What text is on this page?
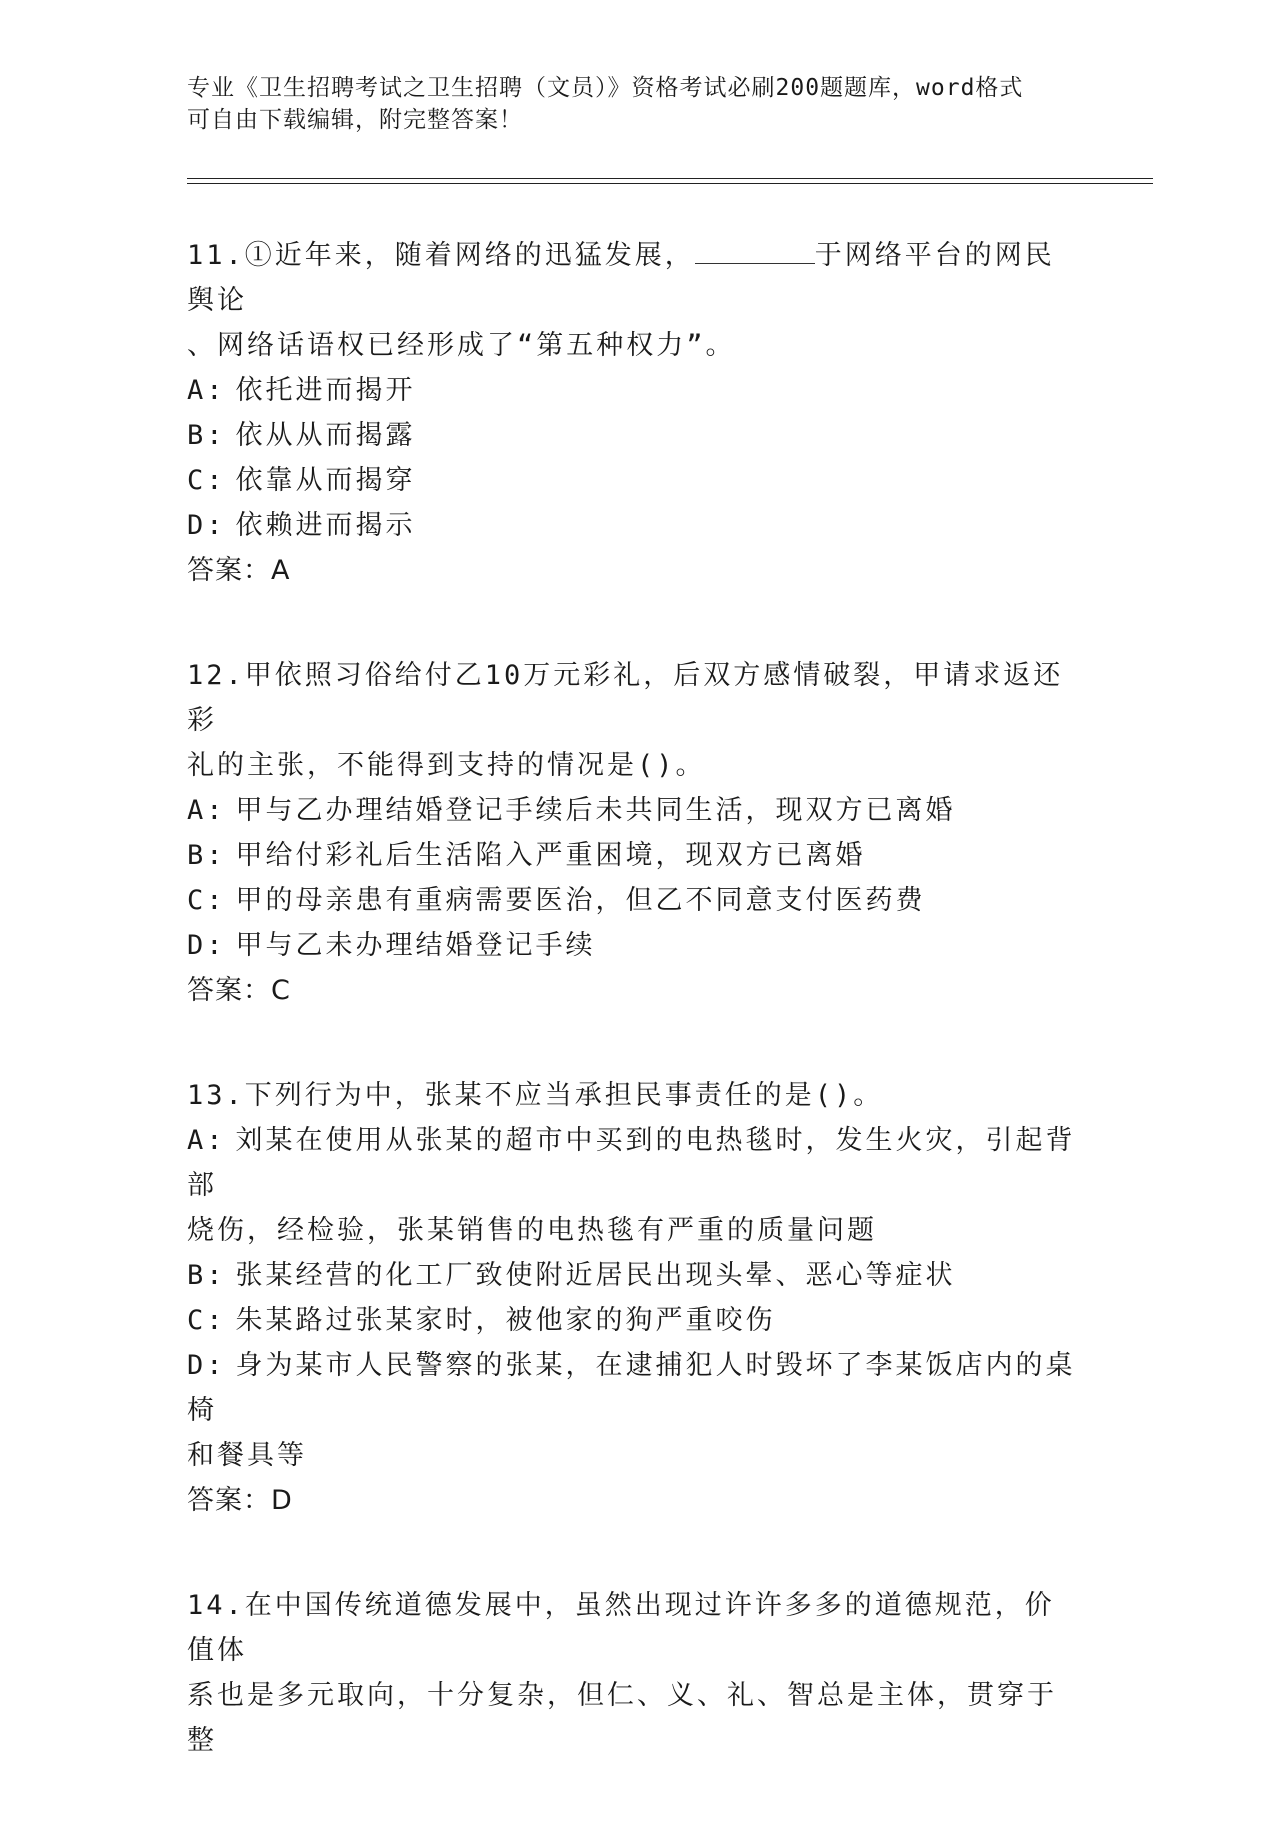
专业《卫生招聘考试之卫生招聘（文员）》资格考试必刷200题题库，word格式
可自由下载编辑，附完整答案！

11.①近年来，随着网络的迅猛发展，	于网络平台的网民舆论

、网络话语权已经形成了“第五种权力”。

A: 依托进而揭开

B: 依从从而揭露

C: 依靠从而揭穿

D: 依赖进而揭示

答案：A

12.甲依照习俗给付乙10万元彩礼，后双方感情破裂，甲请求返还彩

礼的主张，不能得到支持的情况是()。

A: 甲与乙办理结婚登记手续后未共同生活，现双方已离婚

B: 甲给付彩礼后生活陷入严重困境，现双方已离婚

C: 甲的母亲患有重病需要医治，但乙不同意支付医药费

D: 甲与乙未办理结婚登记手续

答案：C

13.下列行为中，张某不应当承担民事责任的是()。

A: 刘某在使用从张某的超市中买到的电热毯时，发生火灾，引起背部

烧伤，经检验，张某销售的电热毯有严重的质量问题

B: 张某经营的化工厂致使附近居民出现头晕、恶心等症状

C: 朱某路过张某家时，被他家的狗严重咬伤

D: 身为某市人民警察的张某，在逮捕犯人时毁坏了李某饭店内的桌椅

和餐具等

答案：D

14.在中国传统道德发展中，虽然出现过许许多多的道德规范，价值体

系也是多元取向，十分复杂，但仁、义、礼、智总是主体，贯穿于整
